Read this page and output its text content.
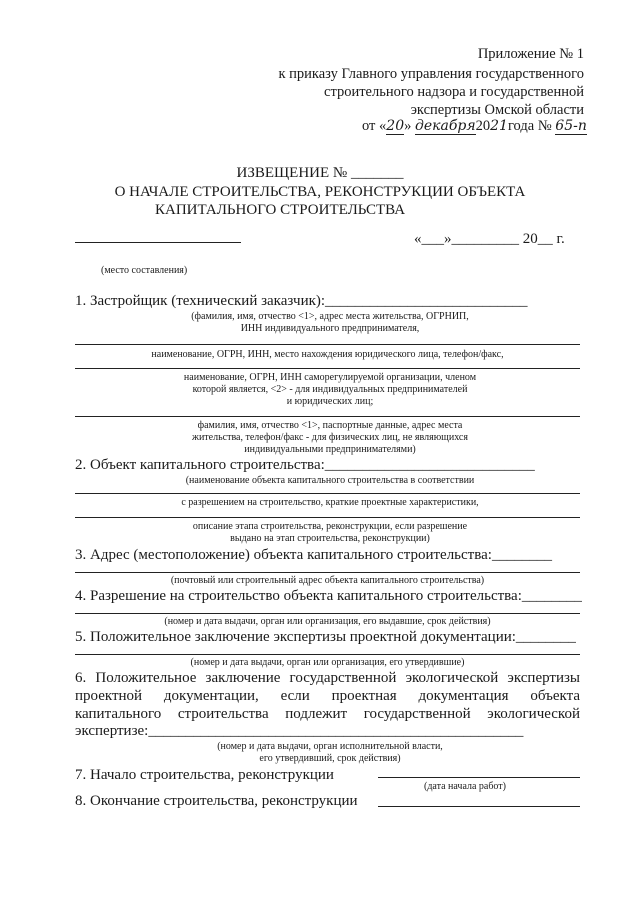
Приложение № 1
к приказу Главного управления государственного
строительного надзора и государственной
экспертизы Омской области
от «20» декабря2021года № 65-п
ИЗВЕЩЕНИЕ № _______
О НАЧАЛЕ СТРОИТЕЛЬСТВА, РЕКОНСТРУКЦИИ ОБЪЕКТА
КАПИТАЛЬНОГО СТРОИТЕЛЬСТВА
«___»_________ 20__ г.
(место составления)
1. Застройщик (технический заказчик):___________________________
(фамилия, имя, отчество <1>, адрес места жительства, ОГРНИП,
ИНН индивидуального предпринимателя,
наименование, ОГРН, ИНН, место нахождения юридического лица, телефон/факс,
наименование, ОГРН, ИНН саморегулируемой организации, членом
которой является, <2> - для индивидуальных предпринимателей
и юридических лиц;
фамилия, имя, отчество <1>, паспортные данные, адрес места
жительства, телефон/факс - для физических лиц, не являющихся
индивидуальными предпринимателями)
2. Объект капитального строительства:____________________________
(наименование объекта капитального строительства в соответствии
с разрешением на строительство, краткие проектные характеристики,
описание этапа строительства, реконструкции, если разрешение
выдано на этап строительства, реконструкции)
3. Адрес (местоположение) объекта капитального строительства:________
(почтовый или строительный адрес объекта капитального строительства)
4. Разрешение на строительство объекта капитального строительства:________
(номер и дата выдачи, орган или организация, его выдавшие, срок действия)
5. Положительное заключение экспертизы проектной документации:________
(номер и дата выдачи, орган или организация, его утвердившие)
6. Положительное заключение государственной экологической экспертизы
проектной документации, если проектная документация объекта
капитального строительства подлежит государственной экологической
экспертизе:__________________________________________________
(номер и дата выдачи, орган исполнительной власти,
его утвердивший, срок действия)
7. Начало строительства, реконструкции
(дата начала работ)
8. Окончание строительства, реконструкции
